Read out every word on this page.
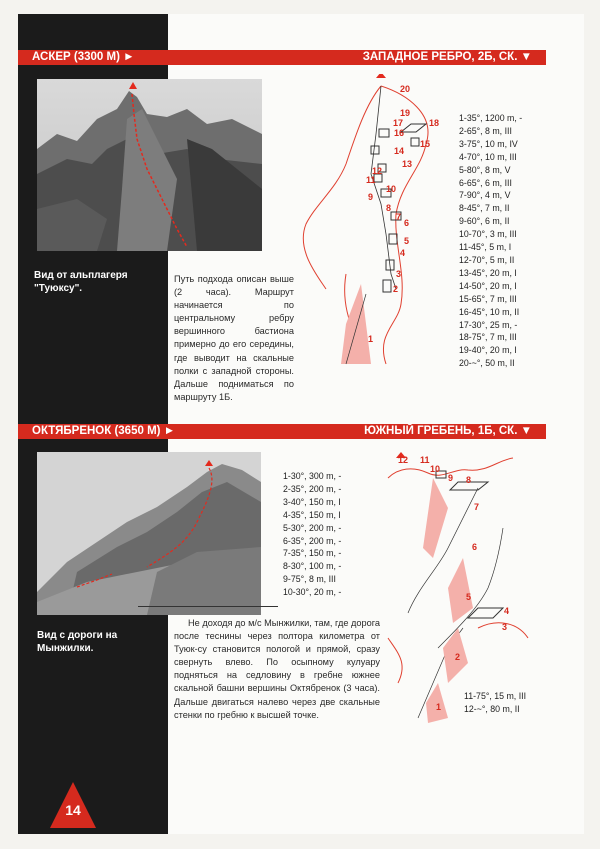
АСКЕР (3300 М) ►	ЗАПАДНОЕ РЕБРО, 2Б, СК. ▼
Вид от альплагеря "Туюксу".

Путь подхода описан выше (2 часа). Маршрут начинается по центральному ребру вершинного бастиона примерно до его середины, где выводит на скальные полки с западной стороны. Дальше подниматься по маршруту 1Б.

1
2
3
4
5
6
7
8
9
10
11
12
13
14
15
16
17	18
19
20
1-35°, 1200 m, -
2-65°, 8 m, III
3-75°, 10 m, IV
4-70°, 10 m, III
5-80°, 8 m, V
6-65°, 6 m, III
7-90°, 4 m, V
8-45°, 7 m, II
9-60°, 6 m, II
10-70°, 3 m, III
11-45°, 5 m, I
12-70°, 5 m, II
13-45°, 20 m, I
14-50°, 20 m, I
15-65°, 7 m, III
16-45°, 10 m, II
17-30°, 25 m, -
18-75°, 7 m, III
19-40°, 20 m, I
20-~°, 50 m, II
ОКТЯБРЕНОК (3650 М) ►	ЮЖНЫЙ ГРЕБЕНЬ, 1Б, СК. ▼
Вид с дороги на Мынжилки.
1-30°, 300 m, -
2-35°, 200 m, -
3-40°, 150 m, I
4-35°, 150 m, I
5-30°, 200 m, -
6-35°, 200 m, -
7-35°, 150 m, -
8-30°, 100 m, -
9-75°, 8 m, III
10-30°, 20 m, -

Не доходя до м/с Мынжилки, там, где дорога после теснины через полтора километра от Туюк-су становится пологой и прямой, сразу свернуть влево. По осыпному кулуару подняться на седловину в гребне южнее скальной башни вершины Октябренок (3 часа). Дальше двигаться налево через две скальные стенки по гребню к высшей точке.

1
2
3
4
5
6
7
8
9
10
11
12
11-75°, 15 m, III
12-~°, 80 m, II
14
